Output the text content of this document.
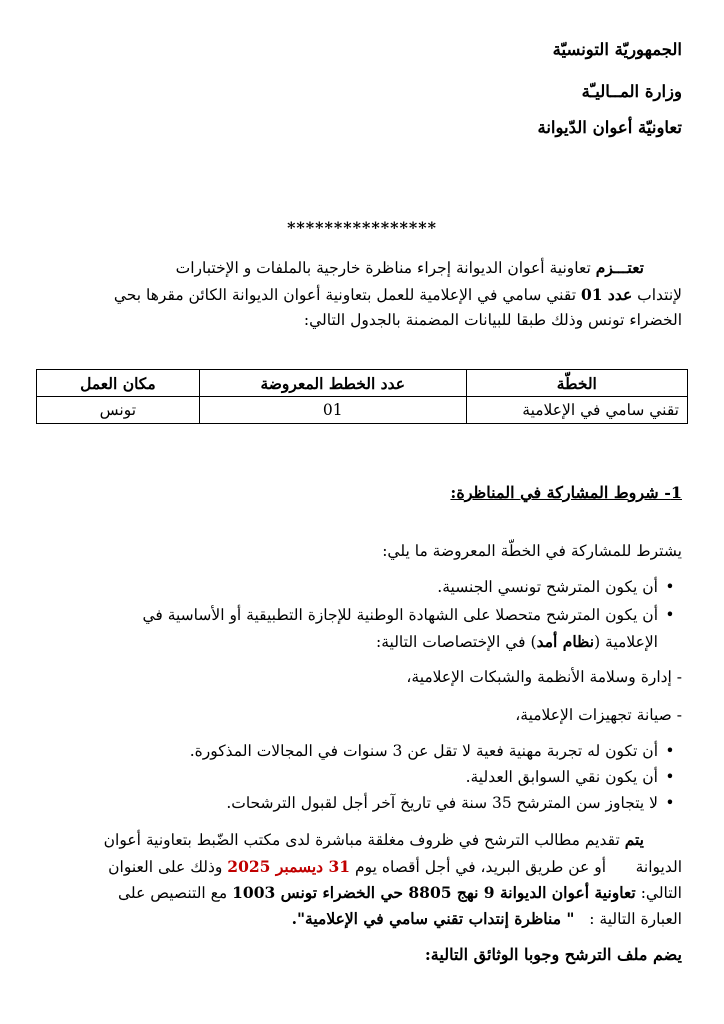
الجمهوريّة التونسيّة
وزارة المــاليـّة
تعاونيّة أعوان الدّيوانة
****************
تعتـــزم تعاونية أعوان الديوانة إجراء مناظرة خارجية بالملفات و الإختبارات
لإنتداب عدد 01 تقني سامي في الإعلامية للعمل بتعاونية أعوان الديوانة الكائن مقرها بحي
الخضراء تونس وذلك طبقا للبيانات المضمنة بالجدول التالي:
الخطّة	عدد الخطط المعروضة	مكان العمل
تقني سامي في الإعلامية	01	تونس
1- شروط المشاركة في المناظرة:
يشترط للمشاركة في الخطّة المعروضة ما يلي:
•أن يكون المترشح تونسي الجنسية.
•أن يكون المترشح متحصلا على الشهادة الوطنية للإجازة التطبيقية أو الأساسية في
الإعلامية (نظام أمد) في الإختصاصات التالية:
- إدارة وسلامة الأنظمة والشبكات الإعلامية،
- صيانة تجهيزات الإعلامية،
•أن تكون له تجربة مهنية فعية لا تقل عن 3 سنوات في المجالات المذكورة.
•أن يكون نقي السوابق العدلية.
•لا يتجاوز سن المترشح 35 سنة في تاريخ آخر أجل لقبول الترشحات.
يتم تقديم مطالب الترشح في ظروف مغلقة مباشرة لدى مكتب الضّبط بتعاونية أعوان
الديوانة      أو عن طريق البريد، في أجل أقصاه يوم 31 ديسمبر 2025 وذلك على العنوان
التالي: تعاونية أعوان الديوانة 9 نهج 8805 حي الخضراء تونس 1003 مع التنصيص على
العبارة التالية :   " مناظرة إنتداب تقني سامي في الإعلامية".
يضم ملف الترشح وجوبا الوثائق التالية:
